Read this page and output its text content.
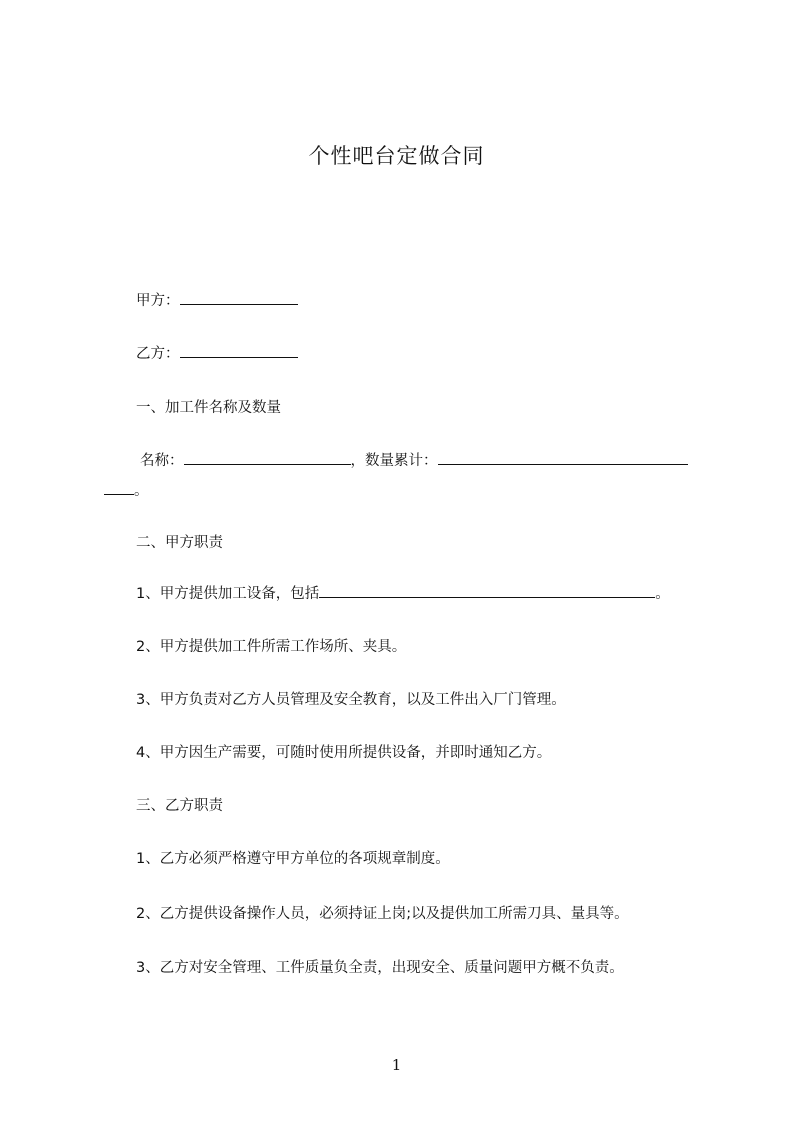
个性吧台定做合同
甲方：
乙方：
一、加工件名称及数量
名称：	，数量累计：
。
二、甲方职责
1、甲方提供加工设备，包括	。
2、甲方提供加工件所需工作场所、夹具。
3、甲方负责对乙方人员管理及安全教育，以及工件出入厂门管理。
4、甲方因生产需要，可随时使用所提供设备，并即时通知乙方。
三、乙方职责
1、乙方必须严格遵守甲方单位的各项规章制度。
2、乙方提供设备操作人员，必须持证上岗;以及提供加工所需刀具、量具等。
3、乙方对安全管理、工件质量负全责，出现安全、质量问题甲方概不负责。
1
